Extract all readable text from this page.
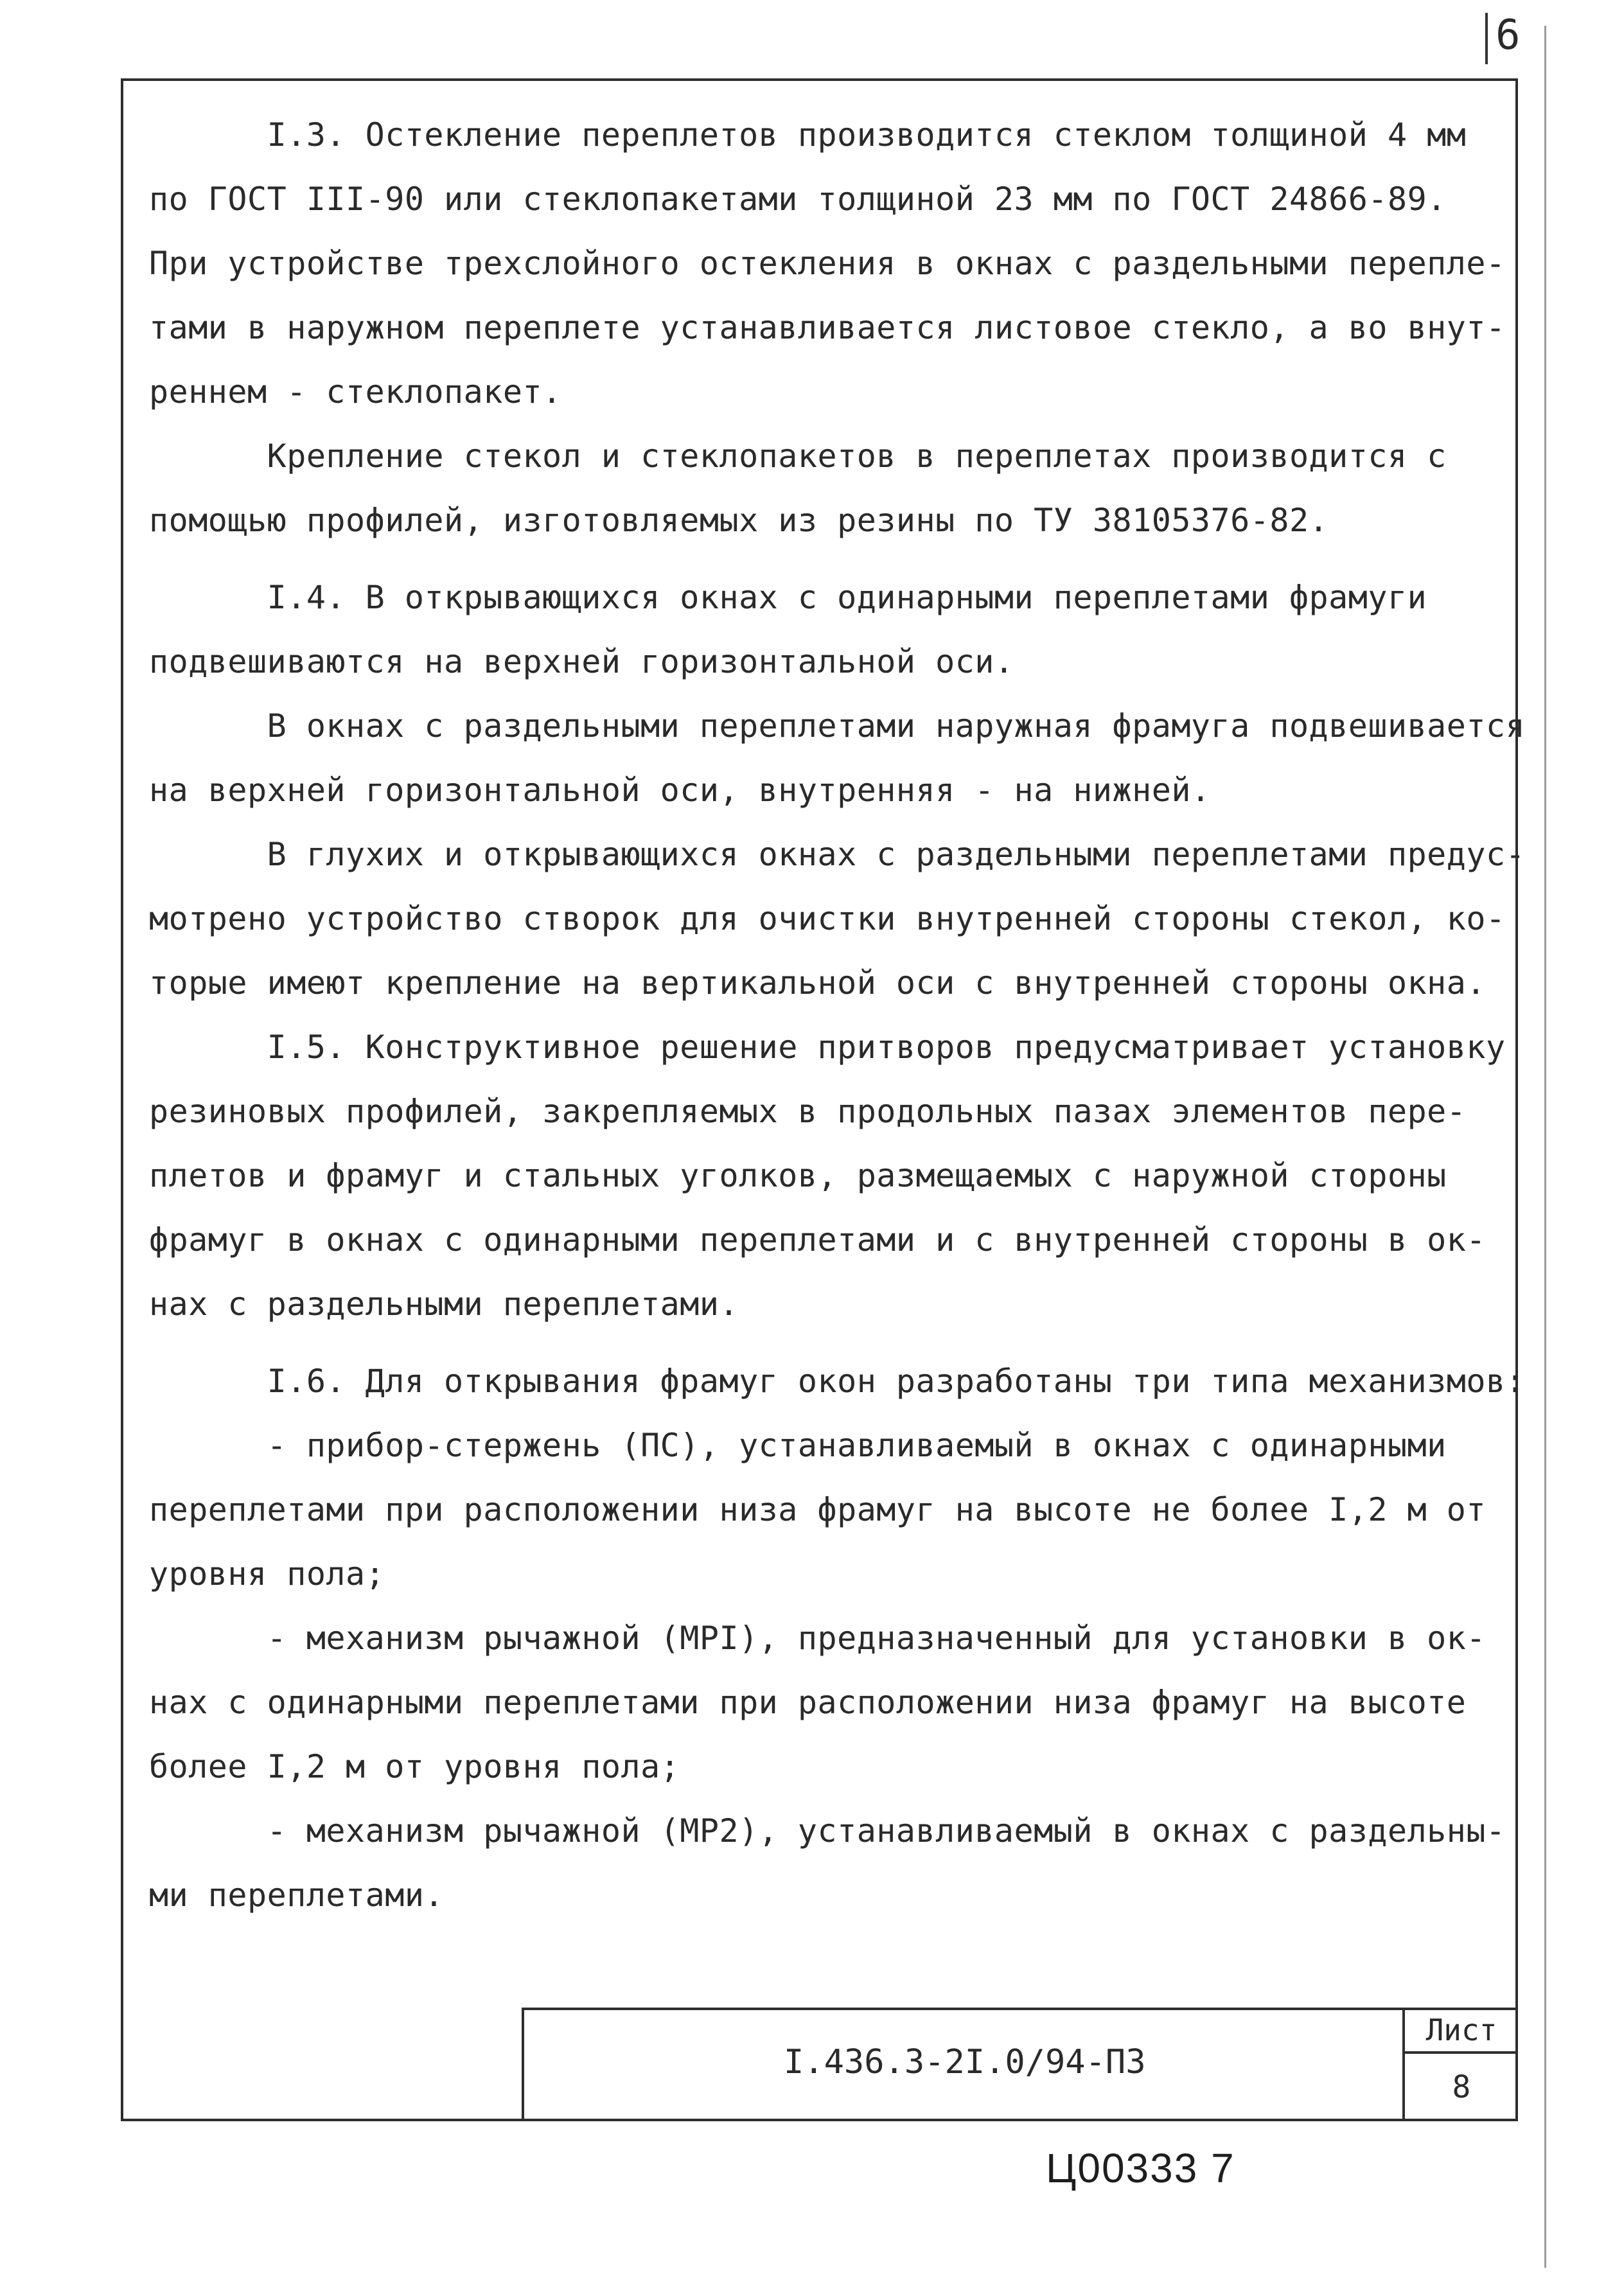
6
I.3. Остекление переплетов производится стеклом толщиной 4 мм
по ГОСТ III-90 или стеклопакетами толщиной 23 мм по ГОСТ 24866-89.
При устройстве трехслойного остекления в окнах с раздельными перепле-
тами в наружном переплете устанавливается листовое стекло, а во внут-
реннем - стеклопакет.
Крепление стекол и стеклопакетов в переплетах производится с
помощью профилей, изготовляемых из резины по ТУ 38105376-82.
I.4. В открывающихся окнах с одинарными переплетами фрамуги
подвешиваются на верхней горизонтальной оси.
В окнах с раздельными переплетами наружная фрамуга подвешивается
на верхней горизонтальной оси, внутренняя - на нижней.
В глухих и открывающихся окнах с раздельными переплетами предус-
мотрено устройство створок для очистки внутренней стороны стекол, ко-
торые имеют крепление на вертикальной оси с внутренней стороны окна.
I.5. Конструктивное решение притворов предусматривает установку
резиновых профилей, закрепляемых в продольных пазах элементов пере-
плетов и фрамуг и стальных уголков, размещаемых с наружной стороны
фрамуг в окнах с одинарными переплетами и с внутренней стороны в ок-
нах с раздельными переплетами.
I.6. Для открывания фрамуг окон разработаны три типа механизмов:
- прибор-стержень (ПС), устанавливаемый в окнах с одинарными
переплетами при расположении низа фрамуг на высоте не более I,2 м от
уровня пола;
- механизм рычажной (МРI), предназначенный для установки в ок-
нах с одинарными переплетами при расположении низа фрамуг на высоте
более I,2 м от уровня пола;
- механизм рычажной (МР2), устанавливаемый в окнах с раздельны-
ми переплетами.
I.436.3-2I.0/94-ПЗ
Лист
8
Ц00333 7
